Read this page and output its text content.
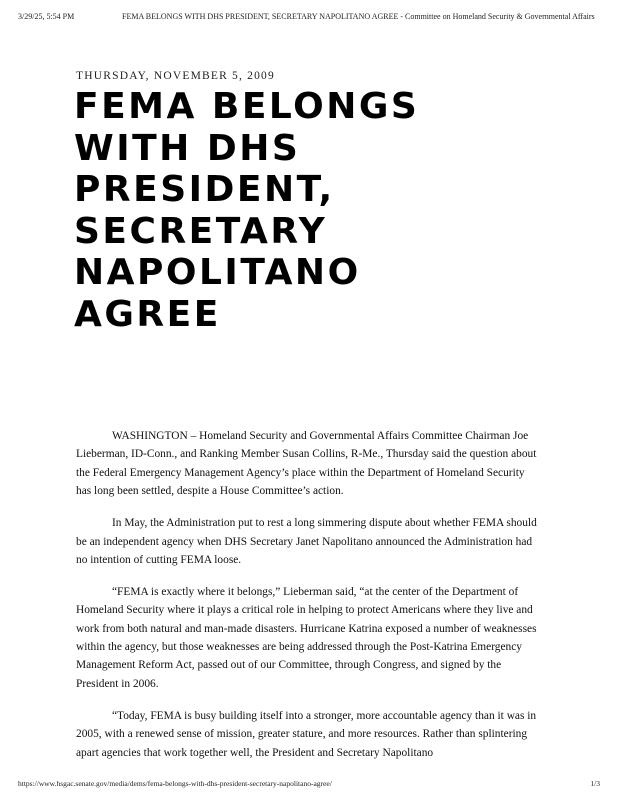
3/29/25, 5:54 PM	FEMA BELONGS WITH DHS PRESIDENT, SECRETARY NAPOLITANO AGREE - Committee on Homeland Security & Governmental Affairs
THURSDAY, NOVEMBER 5, 2009
FEMA BELONGS
WITH DHS
PRESIDENT,
SECRETARY
NAPOLITANO
AGREE

WASHINGTON – Homeland Security and Governmental Affairs Committee Chairman Joe Lieberman, ID-Conn., and Ranking Member Susan Collins, R-Me., Thursday said the question about the Federal Emergency Management Agency’s place within the Department of Homeland Security has long been settled, despite a House Committee’s action.

In May, the Administration put to rest a long simmering dispute about whether FEMA should be an independent agency when DHS Secretary Janet Napolitano announced the Administration had no intention of cutting FEMA loose.

“FEMA is exactly where it belongs,” Lieberman said, “at the center of the Department of Homeland Security where it plays a critical role in helping to protect Americans where they live and work from both natural and man-made disasters. Hurricane Katrina exposed a number of weaknesses within the agency, but those weaknesses are being addressed through the Post-Katrina Emergency Management Reform Act, passed out of our Committee, through Congress, and signed by the President in 2006.

“Today, FEMA is busy building itself into a stronger, more accountable agency than it was in 2005, with a renewed sense of mission, greater stature, and more resources. Rather than splintering apart agencies that work together well, the President and Secretary Napolitano

https://www.hsgac.senate.gov/media/dems/fema-belongs-with-dhs-president-secretary-napolitano-agree/	1/3
